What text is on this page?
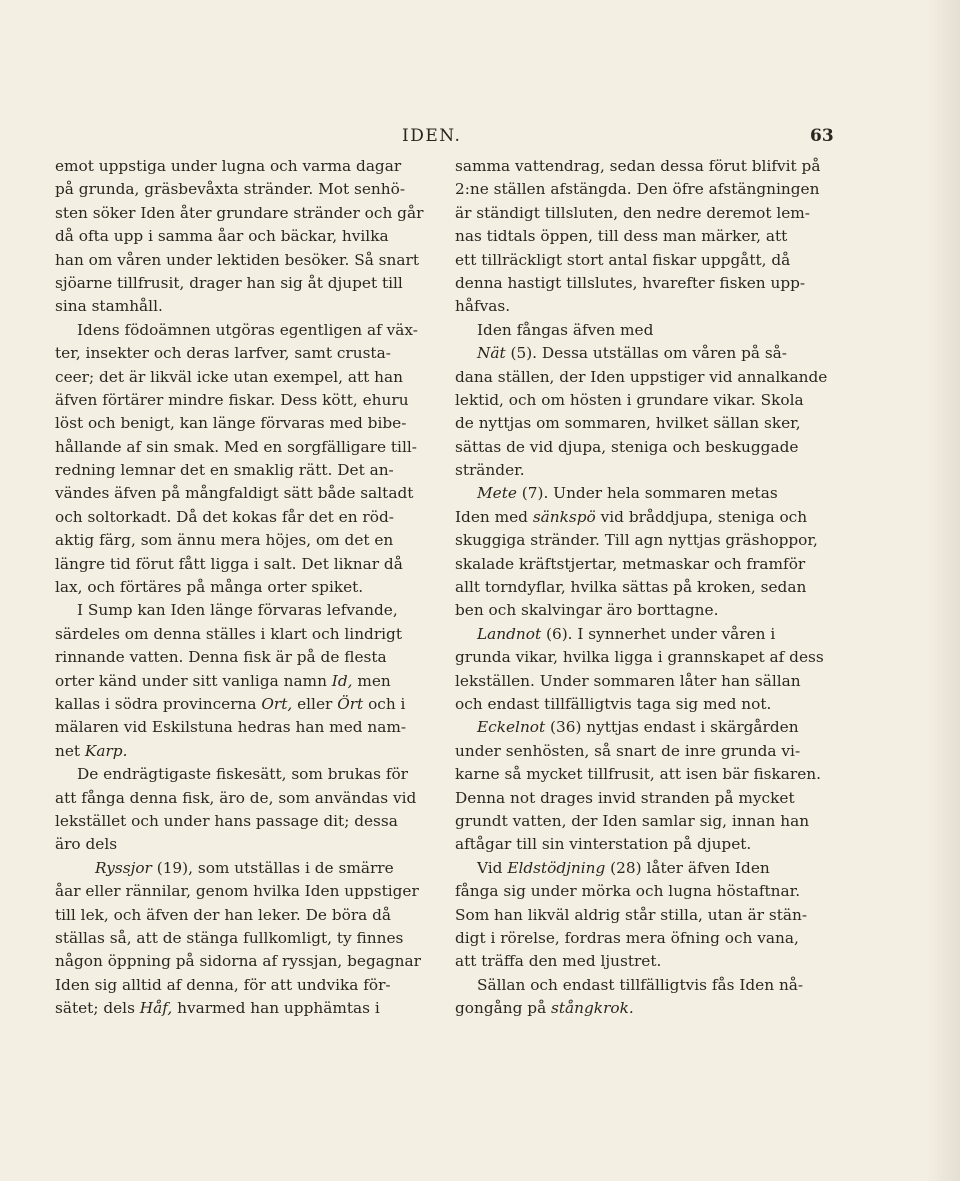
IDEN.	63
emot uppstiga under lugna och varma dagar
på grunda, gräsbevåxta stränder. Mot senhö-
sten söker Iden åter grundare stränder och går
då ofta upp i samma åar och bäckar, hvilka
han om våren under lektiden besöker. Så snart
sjöarne tillfrusit, drager han sig åt djupet till
sina stamhåll.
Idens födoämnen utgöras egentligen af väx-
ter, insekter och deras larfver, samt crusta-
ceer; det är likväl icke utan exempel, att han
äfven förtärer mindre fiskar. Dess kött, ehuru
löst och benigt, kan länge förvaras med bibe-
hållande af sin smak. Med en sorgfälligare till-
redning lemnar det en smaklig rätt. Det an-
vändes äfven på mångfaldigt sätt både saltadt
och soltorkadt. Då det kokas får det en röd-
aktig färg, som ännu mera höjes, om det en
längre tid förut fått ligga i salt. Det liknar då
lax, och förtäres på många orter spiket.
I Sump kan Iden länge förvaras lefvande,
särdeles om denna ställes i klart och lindrigt
rinnande vatten. Denna fisk är på de flesta
orter känd under sitt vanliga namn Id, men
kallas i södra provincerna Ort, eller Ört och i
mälaren vid Eskilstuna hedras han med nam-
net Karp.
De endrägtigaste fiskesätt, som brukas för
att fånga denna fisk, äro de, som användas vid
lekstället och under hans passage dit; dessa
äro dels
Ryssjor (19), som utställas i de smärre
åar eller rännilar, genom hvilka Iden uppstiger
till lek, och äfven der han leker. De böra då
ställas så, att de stänga fullkomligt, ty finnes
någon öppning på sidorna af ryssjan, begagnar
Iden sig alltid af denna, för att undvika för-
sätet; dels Håf, hvarmed han upphämtas i
samma vattendrag, sedan dessa förut blifvit på
2:ne ställen afstängda. Den öfre afstängningen
är ständigt tillsluten, den nedre deremot lem-
nas tidtals öppen, till dess man märker, att
ett tillräckligt stort antal fiskar uppgått, då
denna hastigt tillslutes, hvarefter fisken upp-
håfvas.
Iden fångas äfven med
Nät (5). Dessa utställas om våren på så-
dana ställen, der Iden uppstiger vid annalkande
lektid, och om hösten i grundare vikar. Skola
de nyttjas om sommaren, hvilket sällan sker,
sättas de vid djupa, steniga och beskuggade
stränder.
Mete (7). Under hela sommaren metas
Iden med sänkspö vid bråddjupa, steniga och
skuggiga stränder. Till agn nyttjas gräshoppor,
skalade kräftstjertar, metmaskar och framför
allt torndyflar, hvilka sättas på kroken, sedan
ben och skalvingar äro borttagne.
Landnot (6). I synnerhet under våren i
grunda vikar, hvilka ligga i grannskapet af dess
lekställen. Under sommaren låter han sällan
och endast tillfälligtvis taga sig med not.
Eckelnot (36) nyttjas endast i skärgården
under senhösten, så snart de inre grunda vi-
karne så mycket tillfrusit, att isen bär fiskaren.
Denna not drages invid stranden på mycket
grundt vatten, der Iden samlar sig, innan han
aftågar till sin vinterstation på djupet.
Vid Eldstödjning (28) låter äfven Iden
fånga sig under mörka och lugna höstaftnar.
Som han likväl aldrig står stilla, utan är stän-
digt i rörelse, fordras mera öfning och vana,
att träffa den med ljustret.
Sällan och endast tillfälligtvis fås Iden nå-
gongång på stångkrok.
